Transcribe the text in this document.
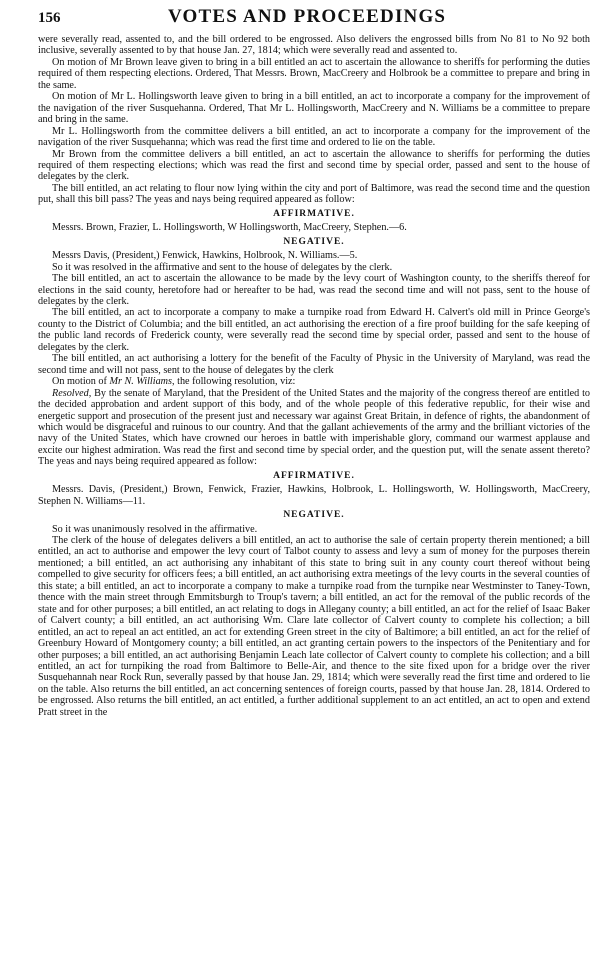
156	VOTES AND PROCEEDINGS

were severally read, assented to, and the bill ordered to be engrossed. Also delivers the engrossed bills from No 81 to No 92 both inclusive, severally assented to by that house Jan. 27, 1814; which were severally read and assented to.

On motion of Mr Brown leave given to bring in a bill entitled an act to ascertain the allowance to sheriffs for performing the duties required of them respecting elections. Ordered, That Messrs. Brown, MacCreery and Holbrook be a committee to prepare and bring in the same.

On motion of Mr L. Hollingsworth leave given to bring in a bill entitled, an act to incorporate a company for the improvement of the navigation of the river Susquehanna. Ordered, That Mr L. Hollingsworth, MacCreery and N. Williams be a committee to prepare and bring in the same.

Mr L. Hollingsworth from the committee delivers a bill entitled, an act to incorporate a company for the improvement of the navigation of the river Susquehanna; which was read the first time and ordered to lie on the table.

Mr Brown from the committee delivers a bill entitled, an act to ascertain the allowance to sheriffs for performing the duties required of them respecting elections; which was read the first and second time by special order, passed and sent to the house of delegates by the clerk.

The bill entitled, an act relating to flour now lying within the city and port of Baltimore, was read the second time and the question put, shall this bill pass? The yeas and nays being required appeared as follow:

AFFIRMATIVE.

Messrs. Brown, Frazier, L. Hollingsworth, W Hollingsworth, MacCreery, Stephen.—6.

NEGATIVE.

Messrs Davis, (President,) Fenwick, Hawkins, Holbrook, N. Williams.—5.

So it was resolved in the affirmative and sent to the house of delegates by the clerk.

The bill entitled, an act to ascertain the allowance to be made by the levy court of Washington county, to the sheriffs thereof for elections in the said county, heretofore had or hereafter to be had, was read the second time and will not pass, sent to the house of delegates by the clerk.

The bill entitled, an act to incorporate a company to make a turnpike road from Edward H. Calvert's old mill in Prince George's county to the District of Columbia; and the bill entitled, an act authorising the erection of a fire proof building for the safe keeping of the public land records of Frederick county, were severally read the second time by special order, passed and sent to the house of delegates by the clerk.

The bill entitled, an act authorising a lottery for the benefit of the Faculty of Physic in the University of Maryland, was read the second time and will not pass, sent to the house of delegates by the clerk

On motion of Mr N. Williams, the following resolution, viz:

Resolved, By the senate of Maryland, that the President of the United States and the majority of the congress thereof are entitled to the decided approbation and ardent support of this body, and of the whole people of this federative republic, for their wise and energetic support and prosecution of the present just and necessary war against Great Britain, in defence of rights, the abandonment of which would be disgraceful and ruinous to our country. And that the gallant achievements of the army and the brilliant victories of the navy of the United States, which have crowned our heroes in battle with imperishable glory, command our warmest applause and excite our highest admiration. Was read the first and second time by special order, and the question put, will the senate assent thereto? The yeas and nays being required appeared as follow:

AFFIRMATIVE.

Messrs. Davis, (President,) Brown, Fenwick, Frazier, Hawkins, Holbrook, L. Hollingsworth, W. Hollingsworth, MacCreery, Stephen N. Williams—11.

NEGATIVE.

So it was unanimously resolved in the affirmative.

The clerk of the house of delegates delivers a bill entitled, an act to authorise the sale of certain property therein mentioned; a bill entitled, an act to authorise and empower the levy court of Talbot county to assess and levy a sum of money for the purposes therein mentioned; a bill entitled, an act authorising any inhabitant of this state to bring suit in any county court thereof without being compelled to give security for officers fees; a bill entitled, an act authorising extra meetings of the levy courts in the several counties of this state; a bill entitled, an act to incorporate a company to make a turnpike road from the turnpike near Westminster to Taney-Town, thence with the main street through Emmitsburgh to Troup's tavern; a bill entitled, an act for the removal of the public records of the state and for other purposes; a bill entitled, an act relating to dogs in Allegany county; a bill entitled, an act for the relief of Isaac Baker of Calvert county; a bill entitled, an act authorising Wm. Clare late collector of Calvert county to complete his collection; a bill entitled, an act to repeal an act entitled, an act for extending Green street in the city of Baltimore; a bill entitled, an act for the relief of Greenbury Howard of Montgomery county; a bill entitled, an act granting certain powers to the inspectors of the Penitentiary and for other purposes; a bill entitled, an act authorising Benjamin Leach late collector of Calvert county to complete his collection; and a bill entitled, an act for turnpiking the road from Baltimore to Belle-Air, and thence to the site fixed upon for a bridge over the river Susquehannah near Rock Run, severally passed by that house Jan. 29, 1814; which were severally read the first time and ordered to lie on the table. Also returns the bill entitled, an act concerning sentences of foreign courts, passed by that house Jan. 28, 1814. Ordered to be engrossed. Also returns the bill entitled, an act entitled, a further additional supplement to an act entitled, an act to open and extend Pratt street in the
